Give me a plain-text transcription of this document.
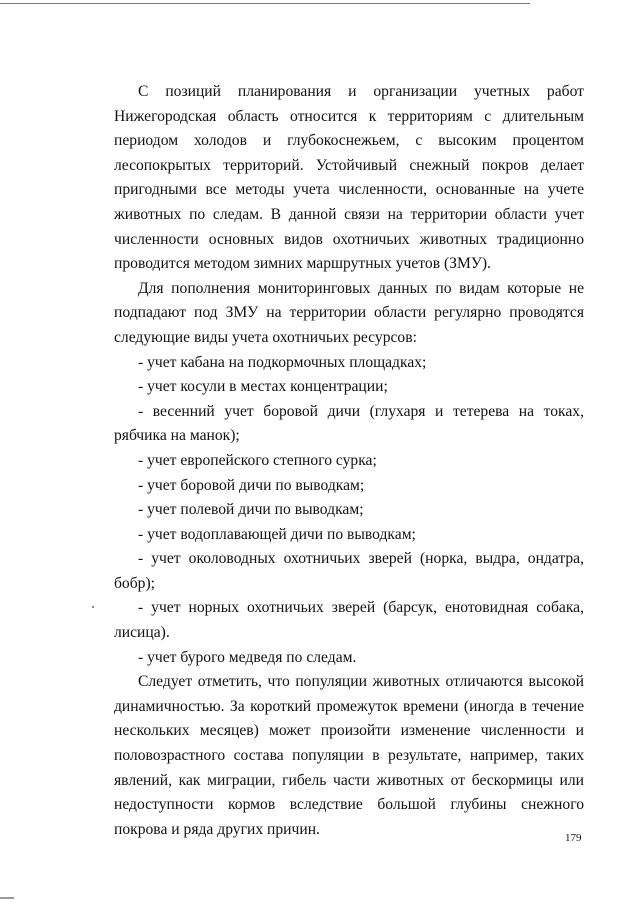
С позиций планирования и организации учетных работ Нижегородская область относится к территориям с длительным периодом холодов и глубокоснежьем, с высоким процентом лесопокрытых территорий. Устойчивый снежный покров делает пригодными все методы учета численности, основанные на учете животных по следам. В данной связи на территории области учет численности основных видов охотничьих животных традиционно проводится методом зимних маршрутных учетов (ЗМУ).

Для пополнения мониторинговых данных по видам которые не подпадают под ЗМУ на территории области регулярно проводятся следующие виды учета охотничьих ресурсов:

- учет кабана на подкормочных площадках;
- учет косули в местах концентрации;
- весенний учет боровой дичи (глухаря и тетерева на токах, рябчика на манок);
- учет европейского степного сурка;
- учет боровой дичи по выводкам;
- учет полевой дичи по выводкам;
- учет водоплавающей дичи по выводкам;
- учет околоводных охотничьих зверей (норка, выдра, ондатра, бобр);
- учет норных охотничьих зверей (барсук, енотовидная собака, лисица).
- учет бурого медведя по следам.

Следует отметить, что популяции животных отличаются высокой динамичностью. За короткий промежуток времени (иногда в течение нескольких месяцев) может произойти изменение численности и половозрастного состава популяции в результате, например, таких явлений, как миграции, гибель части животных от бескормицы или недоступности кормов вследствие большой глубины снежного покрова и ряда других причин.

179
